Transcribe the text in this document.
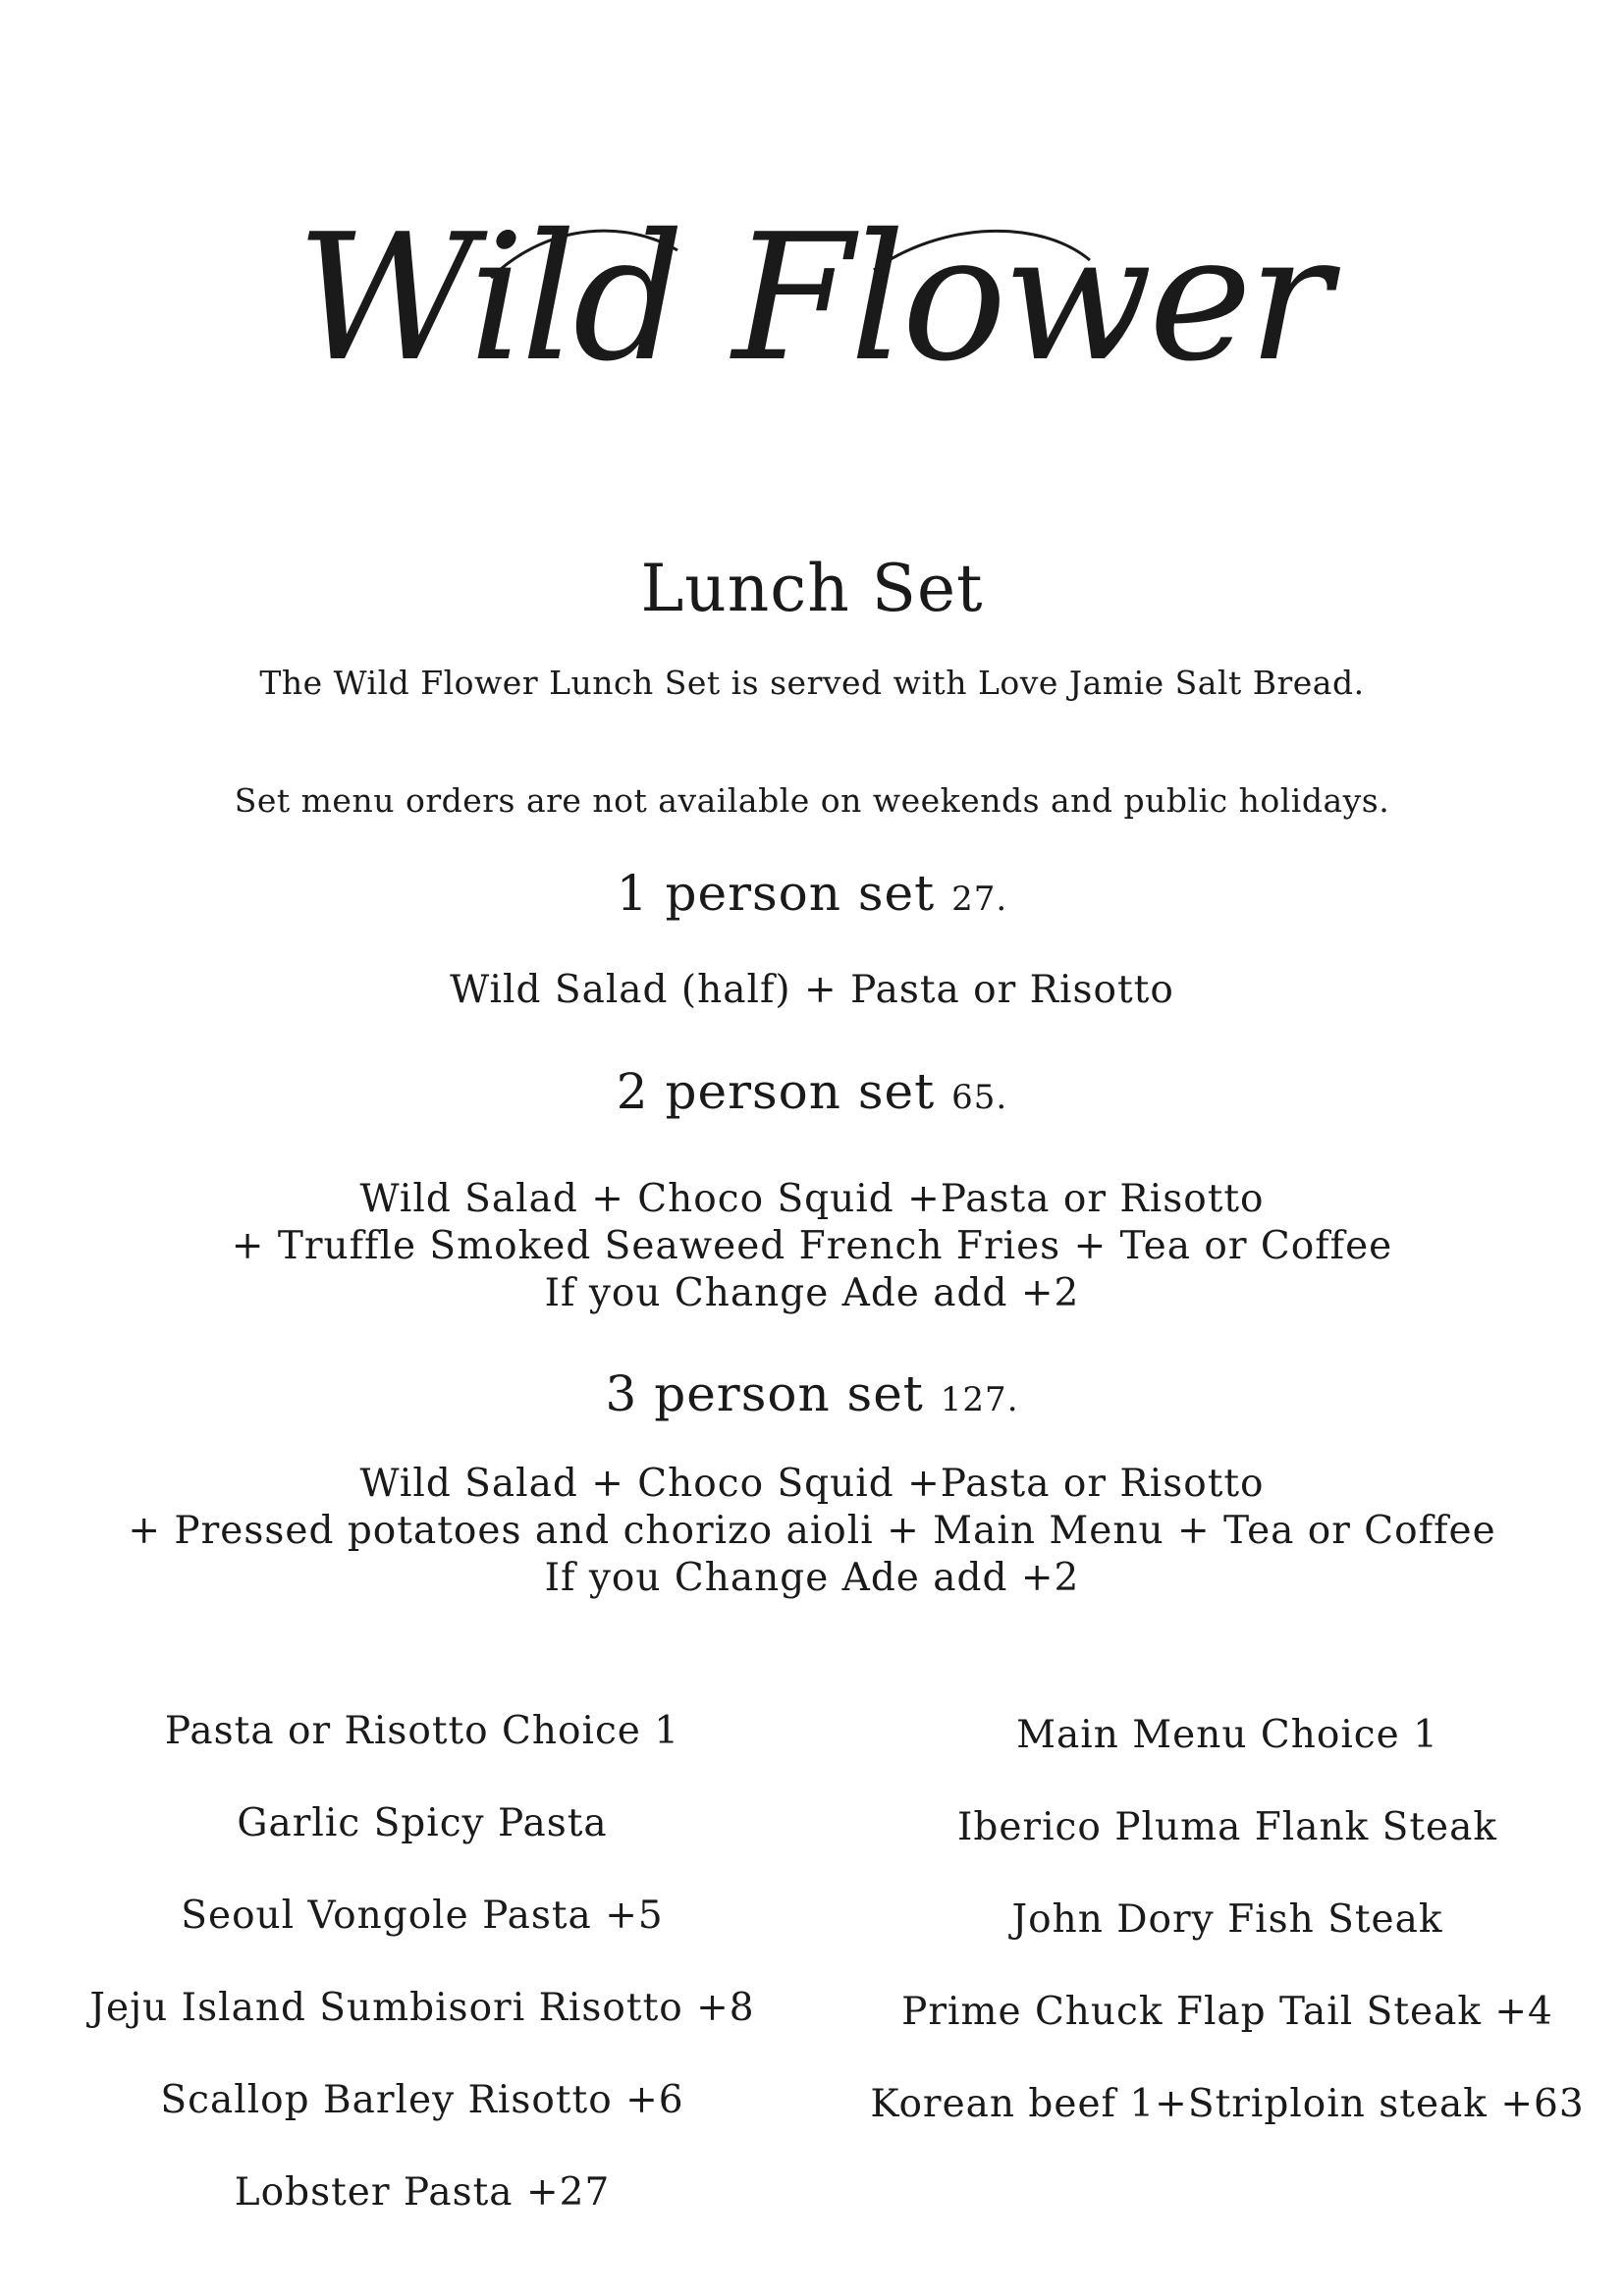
Wild Flower
Lunch Set
The Wild Flower Lunch Set is served with Love Jamie Salt Bread.
Set menu orders are not available on weekends and public holidays.
1 person set 27.
Wild Salad (half) + Pasta or Risotto
2 person set 65.
Wild Salad + Choco Squid +Pasta or Risotto
+ Truffle Smoked Seaweed French Fries + Tea or Coffee
If you Change Ade add +2
3 person set 127.
Wild Salad + Choco Squid +Pasta or Risotto
+ Pressed potatoes and chorizo aioli + Main Menu + Tea or Coffee
If you Change Ade add +2
Pasta or Risotto Choice 1
Garlic Spicy Pasta
Seoul Vongole Pasta +5
Jeju Island Sumbisori Risotto +8
Scallop Barley Risotto +6
Lobster Pasta +27
Main Menu Choice 1
Iberico Pluma Flank Steak
John Dory Fish Steak
Prime Chuck Flap Tail Steak +4
Korean beef 1+Striploin steak +63
